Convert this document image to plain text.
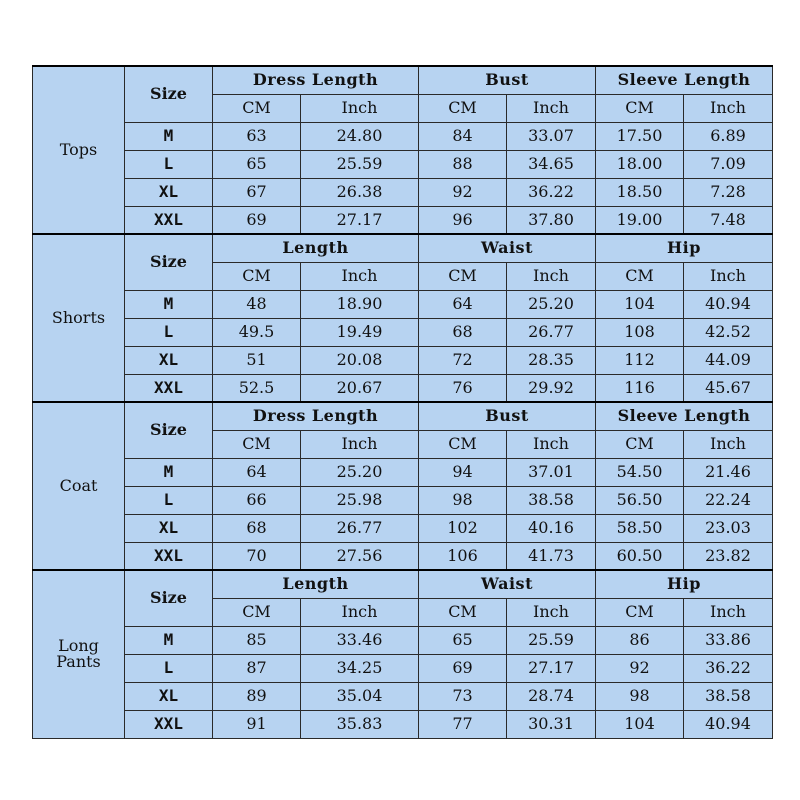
Tops	Size	Dress Length		Bust		Sleeve Length	
		CM	Inch	CM	Inch	CM	Inch
	M	63	24.80	84	33.07	17.50	6.89
	L	65	25.59	88	34.65	18.00	7.09
	XL	67	26.38	92	36.22	18.50	7.28
	XXL	69	27.17	96	37.80	19.00	7.48

Shorts	Size	Length		Waist		Hip	
		CM	Inch	CM	Inch	CM	Inch
	M	48	18.90	64	25.20	104	40.94
	L	49.5	19.49	68	26.77	108	42.52
	XL	51	20.08	72	28.35	112	44.09
	XXL	52.5	20.67	76	29.92	116	45.67

Coat	Size	Dress Length		Bust		Sleeve Length	
		CM	Inch	CM	Inch	CM	Inch
	M	64	25.20	94	37.01	54.50	21.46
	L	66	25.98	98	38.58	56.50	22.24
	XL	68	26.77	102	40.16	58.50	23.03
	XXL	70	27.56	106	41.73	60.50	23.82

Long
Pants	Size	Length		Waist		Hip	
		CM	Inch	CM	Inch	CM	Inch
	M	85	33.46	65	25.59	86	33.86
	L	87	34.25	69	27.17	92	36.22
	XL	89	35.04	73	28.74	98	38.58
	XXL	91	35.83	77	30.31	104	40.94
